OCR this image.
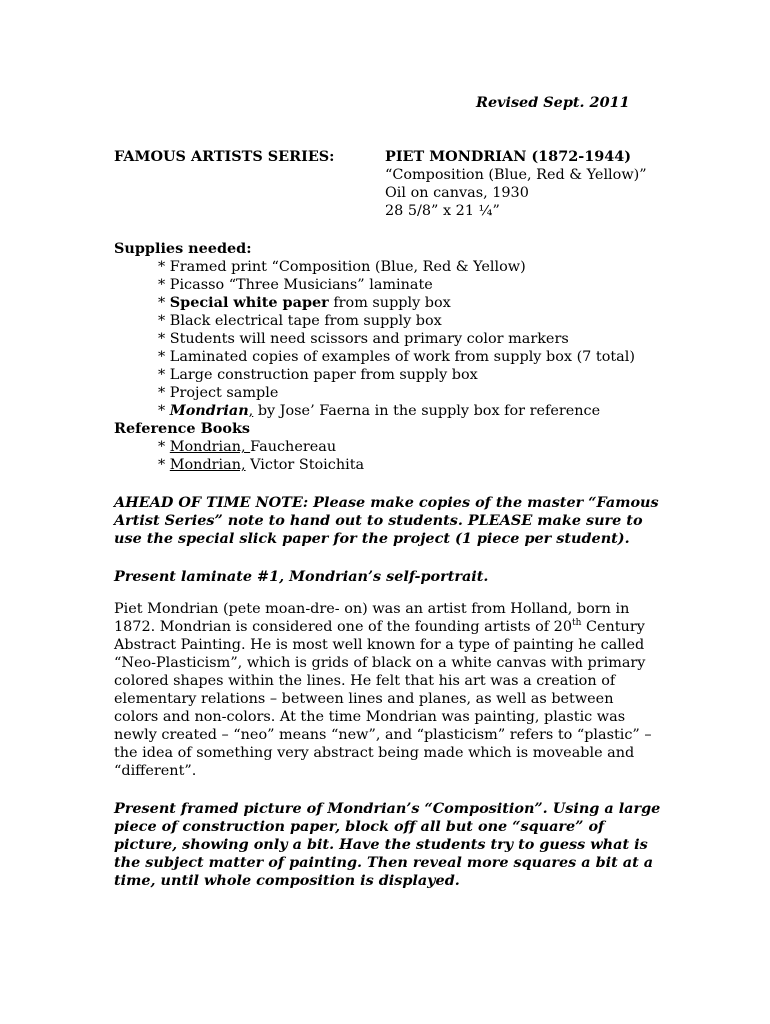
Revised Sept. 2011
FAMOUS ARTISTS SERIES:	PIET MONDRIAN (1872-1944)
“Composition (Blue, Red & Yellow)”
Oil on canvas, 1930
28 5/8” x 21 ¼”
Supplies needed:
* Framed print “Composition (Blue, Red & Yellow)
* Picasso “Three Musicians” laminate
* Special white paper from supply box
* Black electrical tape from supply box
* Students will need scissors and primary color markers
* Laminated copies of examples of work from supply box (7 total)
* Large construction paper from supply box
* Project sample
* Mondrian, by Jose’ Faerna in the supply box for reference
Reference Books
* Mondrian, Fauchereau
* Mondrian, Victor Stoichita
AHEAD OF TIME NOTE: Please make copies of the master “Famous
Artist Series” note to hand out to students. PLEASE make sure to
use the special slick paper for the project (1 piece per student).
Present laminate #1, Mondrian’s self-portrait.
Piet Mondrian (pete moan-dre- on) was an artist from Holland, born in
1872. Mondrian is considered one of the founding artists of 20th Century
Abstract Painting. He is most well known for a type of painting he called
“Neo-Plasticism”, which is grids of black on a white canvas with primary
colored shapes within the lines. He felt that his art was a creation of
elementary relations – between lines and planes, as well as between
colors and non-colors. At the time Mondrian was painting, plastic was
newly created – “neo” means “new”, and “plasticism” refers to “plastic” –
the idea of something very abstract being made which is moveable and
“different”.
Present framed picture of Mondrian’s “Composition”. Using a large
piece of construction paper, block off all but one “square” of
picture, showing only a bit. Have the students try to guess what is
the subject matter of painting. Then reveal more squares a bit at a
time, until whole composition is displayed.
